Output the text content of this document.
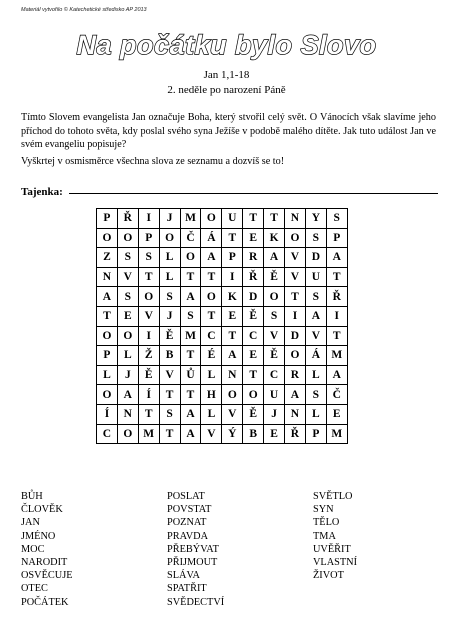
Materiál vytvořilo © Katechetické středisko AP 2013
Na počátku bylo Slovo
Jan 1,1-18
2. neděle po narození Páně
Tímto Slovem evangelista Jan označuje Boha, který stvořil celý svět. O Vánocích však slavíme jeho příchod do tohoto světa, kdy poslal svého syna Ježíše v podobě malého dítěte. Jak tuto událost Jan ve svém evangeliu popisuje?
Vyškrtej v osmisměrce všechna slova ze seznamu a dozvíš se to!
Tajenka:
P	Ř	I	J	M	O	U	T	T	N	Y	S
O	O	P	O	Č	Á	T	E	K	O	S	P
Z	S	S	L	O	A	P	R	A	V	D	A
N	V	T	L	T	T	I	Ř	Ě	V	U	T
A	S	O	S	A	O	K	D	O	T	S	Ř
T	E	V	J	S	T	E	Ě	S	I	A	I
O	O	I	Ě	M	C	T	C	V	D	V	T
P	L	Ž	B	T	É	A	E	Ě	O	Á	M
L	J	Ě	V	Ů	L	N	T	C	R	L	A
O	A	Í	T	T	H	O	O	U	A	S	Č
Í	N	T	S	A	L	V	Ě	J	N	L	E
C	O	M	T	A	V	Ý	B	E	Ř	P	M
BŮH
ČLOVĚK
JAN
JMÉNO
MOC
NARODIT
OSVĚCUJE
OTEC
POČÁTEK
POSLAT
POVSTAT
POZNAT
PRAVDA
PŘEBÝVAT
PŘIJMOUT
SLÁVA
SPATŘIT
SVĚDECTVÍ
SVĚTLO
SYN
TĚLO
TMA
UVĚŘIT
VLASTNÍ
ŽIVOT
